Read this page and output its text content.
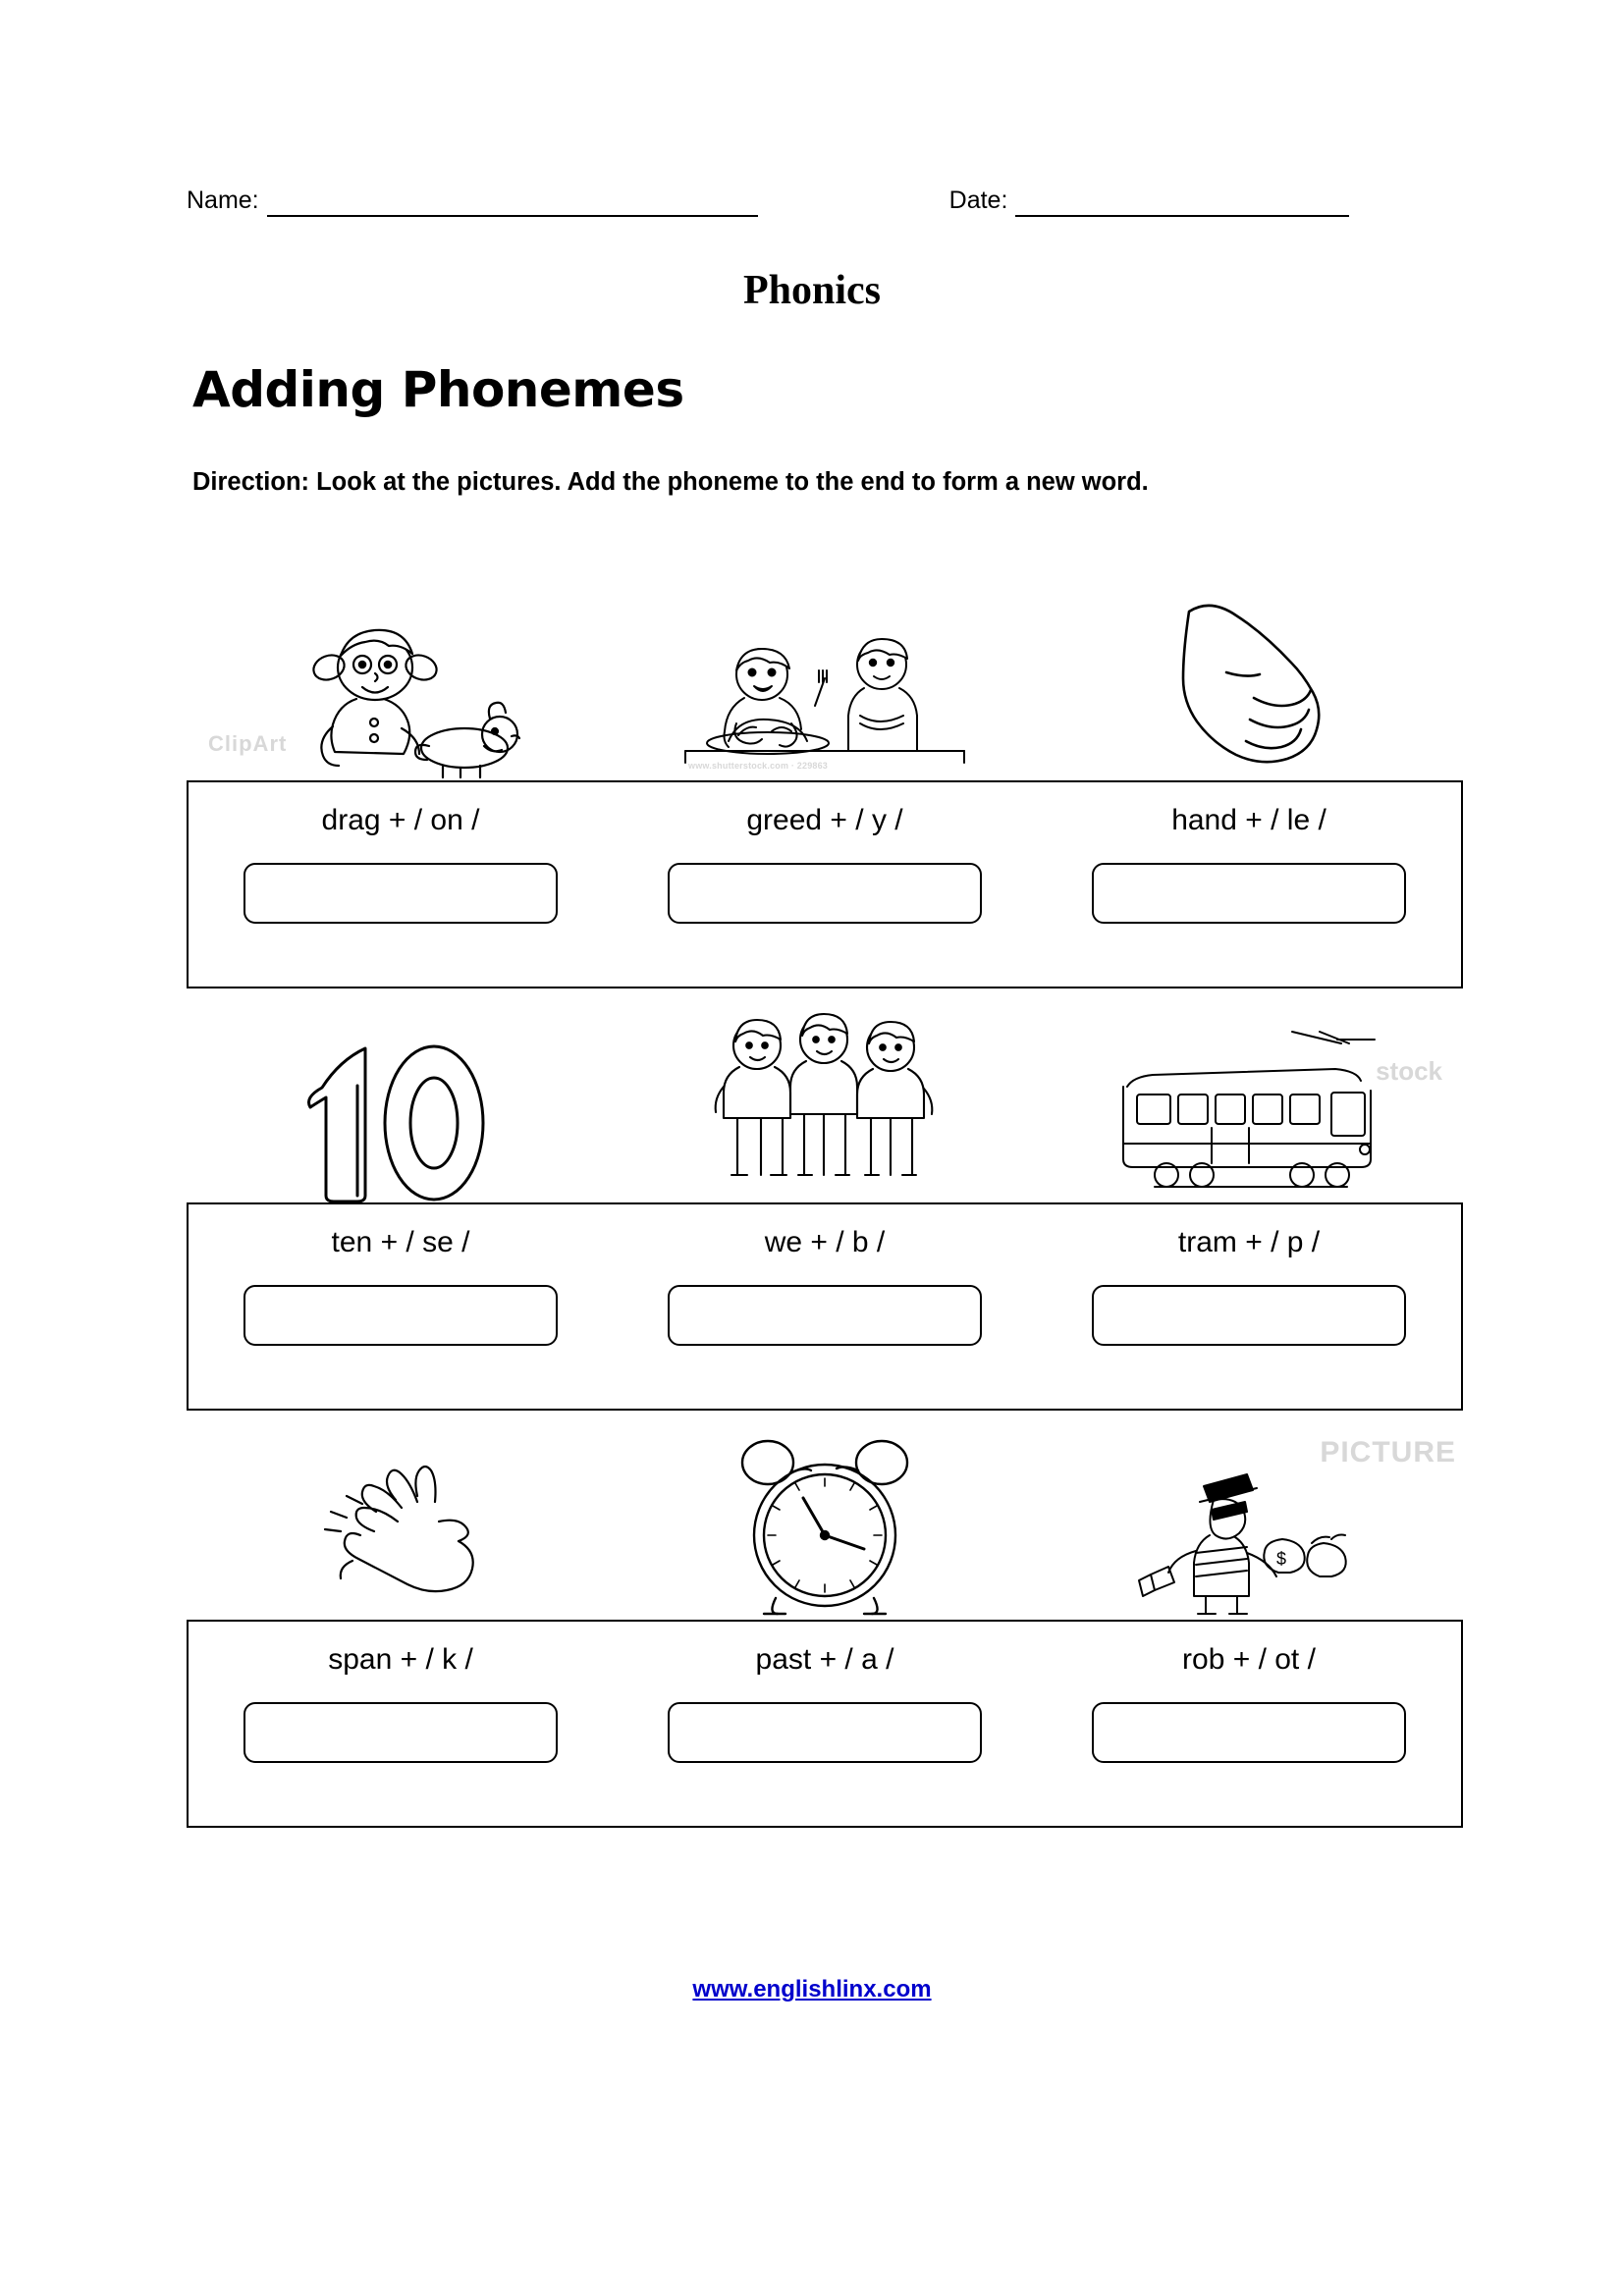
Name:	Date:
Phonics
Adding Phonemes
Direction: Look at the pictures. Add the phoneme to the end to form a new word.
ClipArt
www.shutterstock.com · 229863
drag + / on /	greed + / y /	hand + / le /
stock
ten + / se /	we + / b /	tram + / p /
$
PICTURE
span + / k /	past + / a /	rob + / ot /
www.englishlinx.com
